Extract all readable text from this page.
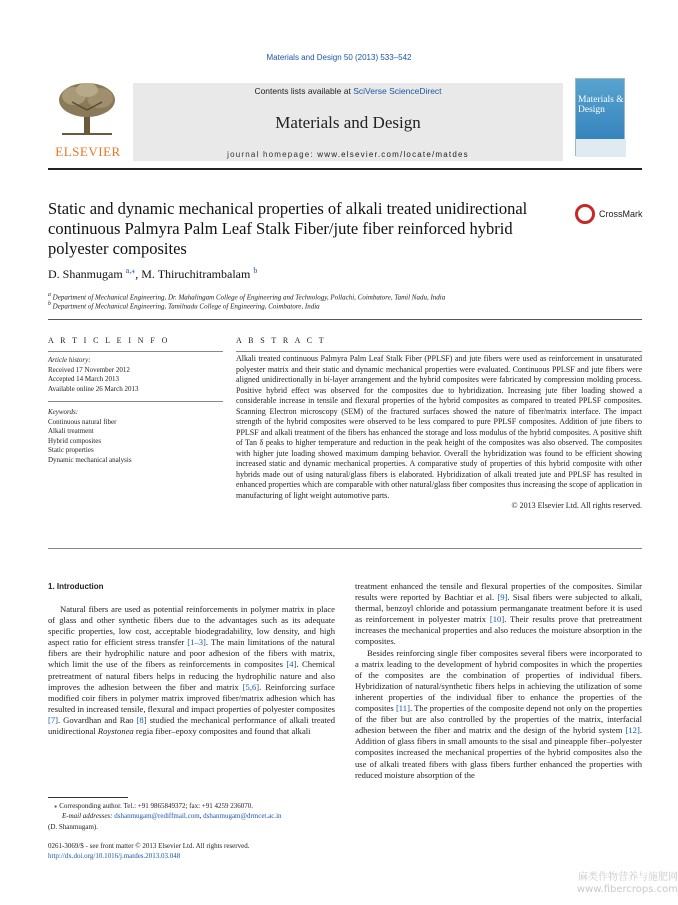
Materials and Design 50 (2013) 533–542
ELSEVIER
Contents lists available at SciVerse ScienceDirect
Materials and Design
journal homepage: www.elsevier.com/locate/matdes
Materials & Design
Static and dynamic mechanical properties of alkali treated unidirectional continuous Palmyra Palm Leaf Stalk Fiber/jute fiber reinforced hybrid polyester composites
CrossMark
D. Shanmugam $^{a,⁎}$, M. Thiruchitrambalam $^b$
$^a$ Department of Mechanical Engineering, Dr. Mahalingam College of Engineering and Technology, Pollachi, Coimbatore, Tamil Nadu, India
$^b$ Department of Mechanical Engineering, Tamilnadu College of Engineering, Coimbatore, India
A R T I C L E I N F O	A B S T R A C T
Article history:
Received 17 November 2012
Accepted 14 March 2013
Available online 26 March 2013
Keywords:
Continuous natural fiber
Alkali treatment
Hybrid composites
Static properties
Dynamic mechanical analysis

Alkali treated continuous Palmyra Palm Leaf Stalk Fiber (PPLSF) and jute fibers were used as reinforcement in unsaturated polyester matrix and their static and dynamic mechanical properties were evaluated. Continuous PPLSF and jute fibers were aligned unidirectionally in bi-layer arrangement and the hybrid composites were fabricated by compression molding process. Positive hybrid effect was observed for the composites due to hybridization. Increasing jute fiber loading showed a considerable increase in tensile and flexural properties of the hybrid composites as compared to treated PPLSF composites. Scanning Electron microscopy (SEM) of the fractured surfaces showed the nature of fiber/matrix interface. The impact strength of the hybrid composites were observed to be less compared to pure PPLSF composites. Addition of jute fibers to PPLSF and alkali treatment of the fibers has enhanced the storage and loss modulus of the hybrid composites. A positive shift of Tan δ peaks to higher temperature and reduction in the peak height of the composites was also observed. The composites with higher jute loading showed maximum damping behavior. Overall the hybridization was found to be efficient showing increased static and dynamic mechanical properties. A comparative study of properties of this hybrid composite with other hybrids made out of using natural/glass fibers is elaborated. Hybridization of alkali treated jute and PPLSF has resulted in enhanced properties which are comparable with other natural/glass fiber composites thus increasing the scope of application in manufacturing of light weight automotive parts.

© 2013 Elsevier Ltd. All rights reserved.

1. Introduction

Natural fibers are used as potential reinforcements in polymer matrix in place of glass and other synthetic fibers due to the advantages such as its adequate specific properties, low cost, acceptable biodegradability, low density, and high aspect ratio for efficient stress transfer [1–3]. The main limitations of the natural fibers are their hydrophilic nature and poor adhesion of the fibers with matrix, which limit the use of the fibers as reinforcements in composites [4]. Chemical pretreatment of natural fibers helps in reducing the hydrophilic nature and also improves the adhesion between the fiber and matrix [5,6]. Reinforcing surface modified coir fibers in polymer matrix improved fiber/matrix adhesion which has resulted in increased tensile, flexural and impact properties of polyester composites [7]. Govardhan and Rao [8] studied the mechanical performance of alkali treated unidirectional Roystonea regia fiber–epoxy composites and found that alkali

treatment enhanced the tensile and flexural properties of the composites. Similar results were reported by Bachtiar et al. [9]. Sisal fibers were subjected to alkali, thermal, benzoyl chloride and potassium permanganate treatment before it is used as reinforcement in polyester matrix [10]. Their results prove that pretreatment increases the mechanical properties and also reduces the moisture absorption in the composites.

Besides reinforcing single fiber composites several fibers were incorporated to a matrix leading to the development of hybrid composites in which the properties of the composites are the combination of properties of individual fibers. Hybridization of natural/synthetic fibers helps in achieving the utilization of some inherent properties of the individual fiber to enhance the properties of the composites [11]. The properties of the composite depend not only on the properties of the fiber but are also controlled by the properties of the matrix, interfacial adhesion between the fiber and matrix and the design of the hybrid system [12]. Addition of glass fibers in small amounts to the sisal and pineapple fiber–polyester composites increased the mechanical properties of the hybrid composites also the use of alkali treated fibers with glass fibers further enhanced the properties with reduced moisture absorption of the

⁎ Corresponding author. Tel.: +91 9865849372; fax: +91 4259 236070.
E-mail addresses: dshanmugam@rediffmail.com, dshanmugam@drmcet.ac.in
(D. Shanmugam).
0261-3069/$ - see front matter © 2013 Elsevier Ltd. All rights reserved.
http://dx.doi.org/10.1016/j.matdes.2013.03.048
麻类作物营养与施肥网
www.fibercrops.com
